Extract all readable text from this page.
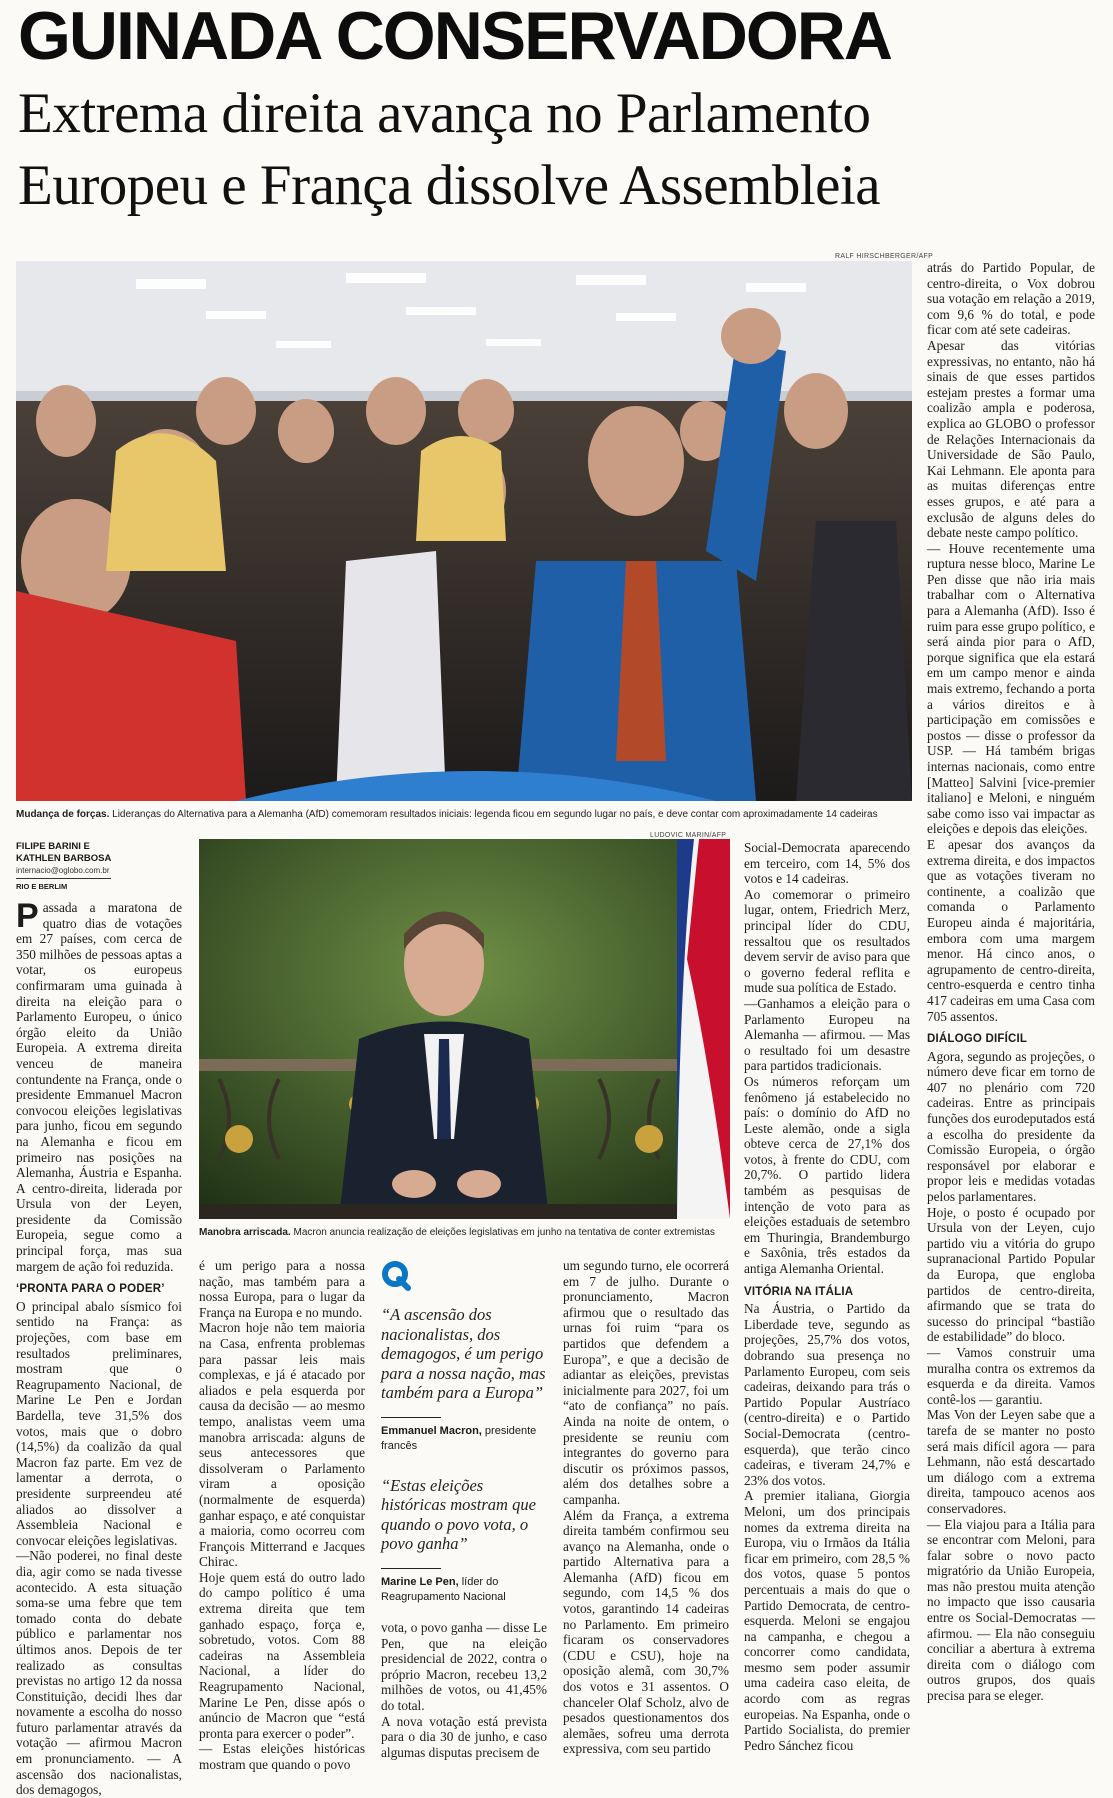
GUINADA CONSERVADORA
Extrema direita avança no Parlamento
Europeu e França dissolve Assembleia
RALF HIRSCHBERGER/AFP
Mudança de forças. Lideranças do Alternativa para a Alemanha (AfD) comemoram resultados iniciais: legenda ficou em segundo lugar no país, e deve contar com aproximadamente 14 cadeiras
FILIPE BARINI E
KATHLEN BARBOSA
internacio@oglobo.com.br
RIO E BERLIM
LUDOVIC MARIN/AFP
Manobra arriscada. Macron anuncia realização de eleições legislativas em junho na tentativa de conter extremistas

Passada a maratona de quatro dias de votações em 27 países, com cerca de 350 milhões de pessoas aptas a votar, os europeus confirmaram uma guinada à direita na eleição para o Parlamento Europeu, o único órgão eleito da União Europeia. A extrema direita venceu de maneira contundente na França, onde o presidente Emmanuel Macron convocou eleições legislativas para junho, ficou em segundo na Alemanha e ficou em primeiro nas posições na Alemanha, Áustria e Espanha. A centro-direita, liderada por Ursula von der Leyen, presidente da Comissão Europeia, segue como a principal força, mas sua margem de ação foi reduzida.

‘PRONTA PARA O PODER’

O principal abalo sísmico foi sentido na França: as projeções, com base em resultados preliminares, mostram que o Reagrupamento Nacional, de Marine Le Pen e Jordan Bardella, teve 31,5% dos votos, mais que o dobro (14,5%) da coalizão da qual Macron faz parte. Em vez de lamentar a derrota, o presidente surpreendeu até aliados ao dissolver a Assembleia Nacional e convocar eleições legislativas.

—Não poderei, no final deste dia, agir como se nada tivesse acontecido. A esta situação soma-se uma febre que tem tomado conta do debate público e parlamentar nos últimos anos. Depois de ter realizado as consultas previstas no artigo 12 da nossa Constituição, decidi lhes dar novamente a escolha do nosso futuro parlamentar através da votação — afirmou Macron em pronunciamento. — A ascensão dos nacionalistas, dos demagogos,

é um perigo para a nossa nação, mas também para a nossa Europa, para o lugar da França na Europa e no mundo.

Macron hoje não tem maioria na Casa, enfrenta problemas para passar leis mais complexas, e já é atacado por aliados e pela esquerda por causa da decisão — ao mesmo tempo, analistas veem uma manobra arriscada: alguns de seus antecessores que dissolveram o Parlamento viram a oposição (normalmente de esquerda) ganhar espaço, e até conquistar a maioria, como ocorreu com François Mitterrand e Jacques Chirac.

Hoje quem está do outro lado do campo político é uma extrema direita que tem ganhado espaço, força e, sobretudo, votos. Com 88 cadeiras na Assembleia Nacional, a líder do Reagrupamento Nacional, Marine Le Pen, disse após o anúncio de Macron que “está pronta para exercer o poder”.

— Estas eleições históricas mostram que quando o povo

“A ascensão dos nacionalistas, dos demagogos, é um perigo para a nossa nação, mas também para a Europa”
Emmanuel Macron, presidente francês
“Estas eleições históricas mostram que quando o povo vota, o povo ganha”
Marine Le Pen, líder do Reagrupamento Nacional

vota, o povo ganha — disse Le Pen, que na eleição presidencial de 2022, contra o próprio Macron, recebeu 13,2 milhões de votos, ou 41,45% do total.

A nova votação está prevista para o dia 30 de junho, e caso algumas disputas precisem de

um segundo turno, ele ocorrerá em 7 de julho. Durante o pronunciamento, Macron afirmou que o resultado das urnas foi ruim “para os partidos que defendem a Europa”, e que a decisão de adiantar as eleições, previstas inicialmente para 2027, foi um “ato de confiança” no país. Ainda na noite de ontem, o presidente se reuniu com integrantes do governo para discutir os próximos passos, além dos detalhes sobre a campanha.

Além da França, a extrema direita também confirmou seu avanço na Alemanha, onde o partido Alternativa para a Alemanha (AfD) ficou em segundo, com 14,5 % dos votos, garantindo 14 cadeiras no Parlamento. Em primeiro ficaram os conservadores (CDU e CSU), hoje na oposição alemã, com 30,7% dos votos e 31 assentos. O chanceler Olaf Scholz, alvo de pesados questionamentos dos alemães, sofreu uma derrota expressiva, com seu partido

Social-Democrata aparecendo em terceiro, com 14, 5% dos votos e 14 cadeiras.

Ao comemorar o primeiro lugar, ontem, Friedrich Merz, principal líder do CDU, ressaltou que os resultados devem servir de aviso para que o governo federal reflita e mude sua política de Estado.

—Ganhamos a eleição para o Parlamento Europeu na Alemanha — afirmou. — Mas o resultado foi um desastre para partidos tradicionais.

Os números reforçam um fenômeno já estabelecido no país: o domínio do AfD no Leste alemão, onde a sigla obteve cerca de 27,1% dos votos, à frente do CDU, com 20,7%. O partido lidera também as pesquisas de intenção de voto para as eleições estaduais de setembro em Thuringia, Brandemburgo e Saxônia, três estados da antiga Alemanha Oriental.

VITÓRIA NA ITÁLIA

Na Áustria, o Partido da Liberdade teve, segundo as projeções, 25,7% dos votos, dobrando sua presença no Parlamento Europeu, com seis cadeiras, deixando para trás o Partido Popular Austríaco (centro-direita) e o Partido Social-Democrata (centro-esquerda), que terão cinco cadeiras, e tiveram 24,7% e 23% dos votos.

A premier italiana, Giorgia Meloni, um dos principais nomes da extrema direita na Europa, viu o Irmãos da Itália ficar em primeiro, com 28,5 % dos votos, quase 5 pontos percentuais a mais do que o Partido Democrata, de centro-esquerda. Meloni se engajou na campanha, e chegou a concorrer como candidata, mesmo sem poder assumir uma cadeira caso eleita, de acordo com as regras europeias. Na Espanha, onde o Partido Socialista, do premier Pedro Sánchez ficou

atrás do Partido Popular, de centro-direita, o Vox dobrou sua votação em relação a 2019, com 9,6 % do total, e pode ficar com até sete cadeiras.

Apesar das vitórias expressivas, no entanto, não há sinais de que esses partidos estejam prestes a formar uma coalizão ampla e poderosa, explica ao GLOBO o professor de Relações Internacionais da Universidade de São Paulo, Kai Lehmann. Ele aponta para as muitas diferenças entre esses grupos, e até para a exclusão de alguns deles do debate neste campo político.

— Houve recentemente uma ruptura nesse bloco, Marine Le Pen disse que não iria mais trabalhar com o Alternativa para a Alemanha (AfD). Isso é ruim para esse grupo político, e será ainda pior para o AfD, porque significa que ela estará em um campo menor e ainda mais extremo, fechando a porta a vários direitos e à participação em comissões e postos — disse o professor da USP. — Há também brigas internas nacionais, como entre [Matteo] Salvini [vice-premier italiano] e Meloni, e ninguém sabe como isso vai impactar as eleições e depois das eleições.

E apesar dos avanços da extrema direita, e dos impactos que as votações tiveram no continente, a coalizão que comanda o Parlamento Europeu ainda é majoritária, embora com uma margem menor. Há cinco anos, o agrupamento de centro-direita, centro-esquerda e centro tinha 417 cadeiras em uma Casa com 705 assentos.

DIÁLOGO DIFÍCIL

Agora, segundo as projeções, o número deve ficar em torno de 407 no plenário com 720 cadeiras. Entre as principais funções dos eurodeputados está a escolha do presidente da Comissão Europeia, o órgão responsável por elaborar e propor leis e medidas votadas pelos parlamentares.

Hoje, o posto é ocupado por Ursula von der Leyen, cujo partido viu a vitória do grupo supranacional Partido Popular da Europa, que engloba partidos de centro-direita, afirmando que se trata do sucesso do principal “bastião de estabilidade” do bloco.

— Vamos construir uma muralha contra os extremos da esquerda e da direita. Vamos contê-los — garantiu.

Mas Von der Leyen sabe que a tarefa de se manter no posto será mais difícil agora — para Lehmann, não está descartado um diálogo com a extrema direita, tampouco acenos aos conservadores.

— Ela viajou para a Itália para se encontrar com Meloni, para falar sobre o novo pacto migratório da União Europeia, mas não prestou muita atenção no impacto que isso causaria entre os Social-Democratas — afirmou. — Ela não conseguiu conciliar a abertura à extrema direita com o diálogo com outros grupos, dos quais precisa para se eleger.
